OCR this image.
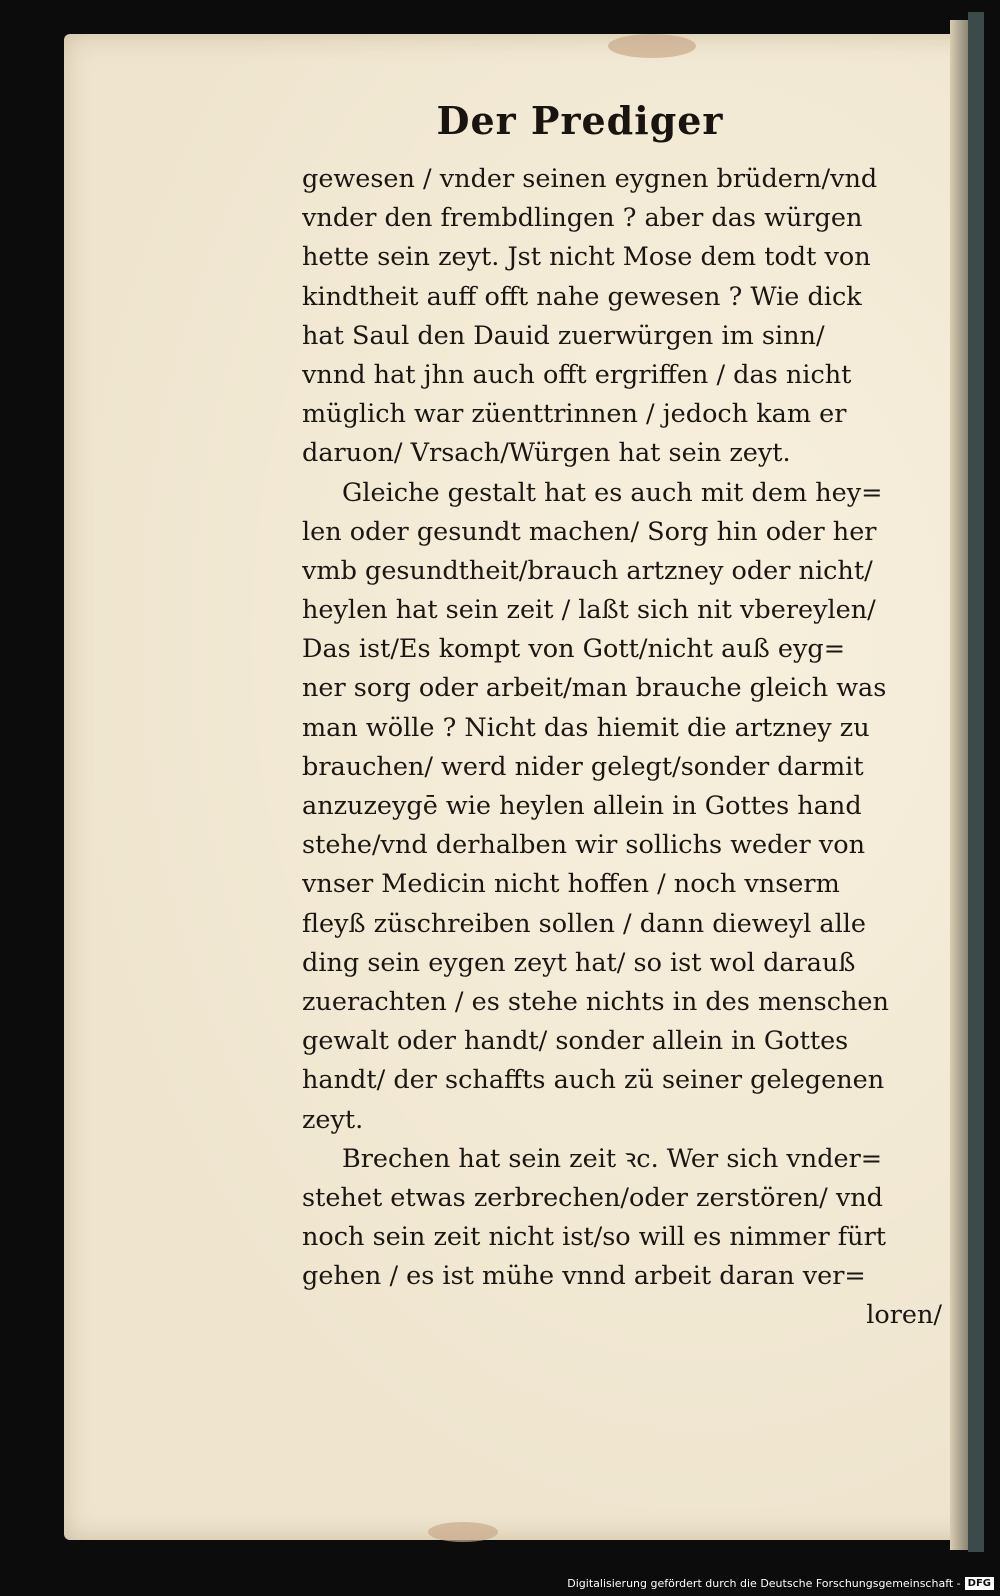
Der Prediger
gewesen / vnder seinen eygnen brüdern/vnd
vnder den frembdlingen ? aber das würgen
hette sein zeyt. Jst nicht Mose dem todt von
kindtheit auff offt nahe gewesen ? Wie dick
hat Saul den Dauid zuerwürgen im sinn/
vnnd hat jhn auch offt ergriffen / das nicht
müglich war züenttrinnen / jedoch kam er
daruon/ Vrsach/Würgen hat sein zeyt.
Gleiche gestalt hat es auch mit dem hey=
len oder gesundt machen/ Sorg hin oder her
vmb gesundtheit/brauch artzney oder nicht/
heylen hat sein zeit / laßt sich nit vbereylen/
Das ist/Es kompt von Gott/nicht auß eyg=
ner sorg oder arbeit/man brauche gleich was
man wölle ? Nicht das hiemit die artzney zu
brauchen/ werd nider gelegt/sonder darmit
anzuzeygē wie heylen allein in Gottes hand
stehe/vnd derhalben wir sollichs weder von
vnser Medicin nicht hoffen / noch vnserm
fleyß züschreiben sollen / dann dieweyl alle
ding sein eygen zeyt hat/ so ist wol darauß
zuerachten / es stehe nichts in des menschen
gewalt oder handt/ sonder allein in Gottes
handt/ der schaffts auch zü seiner gelegenen
zeyt.
Brechen hat sein zeit ꝛc. Wer sich vnder=
stehet etwas zerbrechen/oder zerstören/ vnd
noch sein zeit nicht ist/so will es nimmer fürt
gehen / es ist mühe vnnd arbeit daran ver=
loren/
Digitalisierung gefördert durch die Deutsche Forschungsgemeinschaft - DFG
